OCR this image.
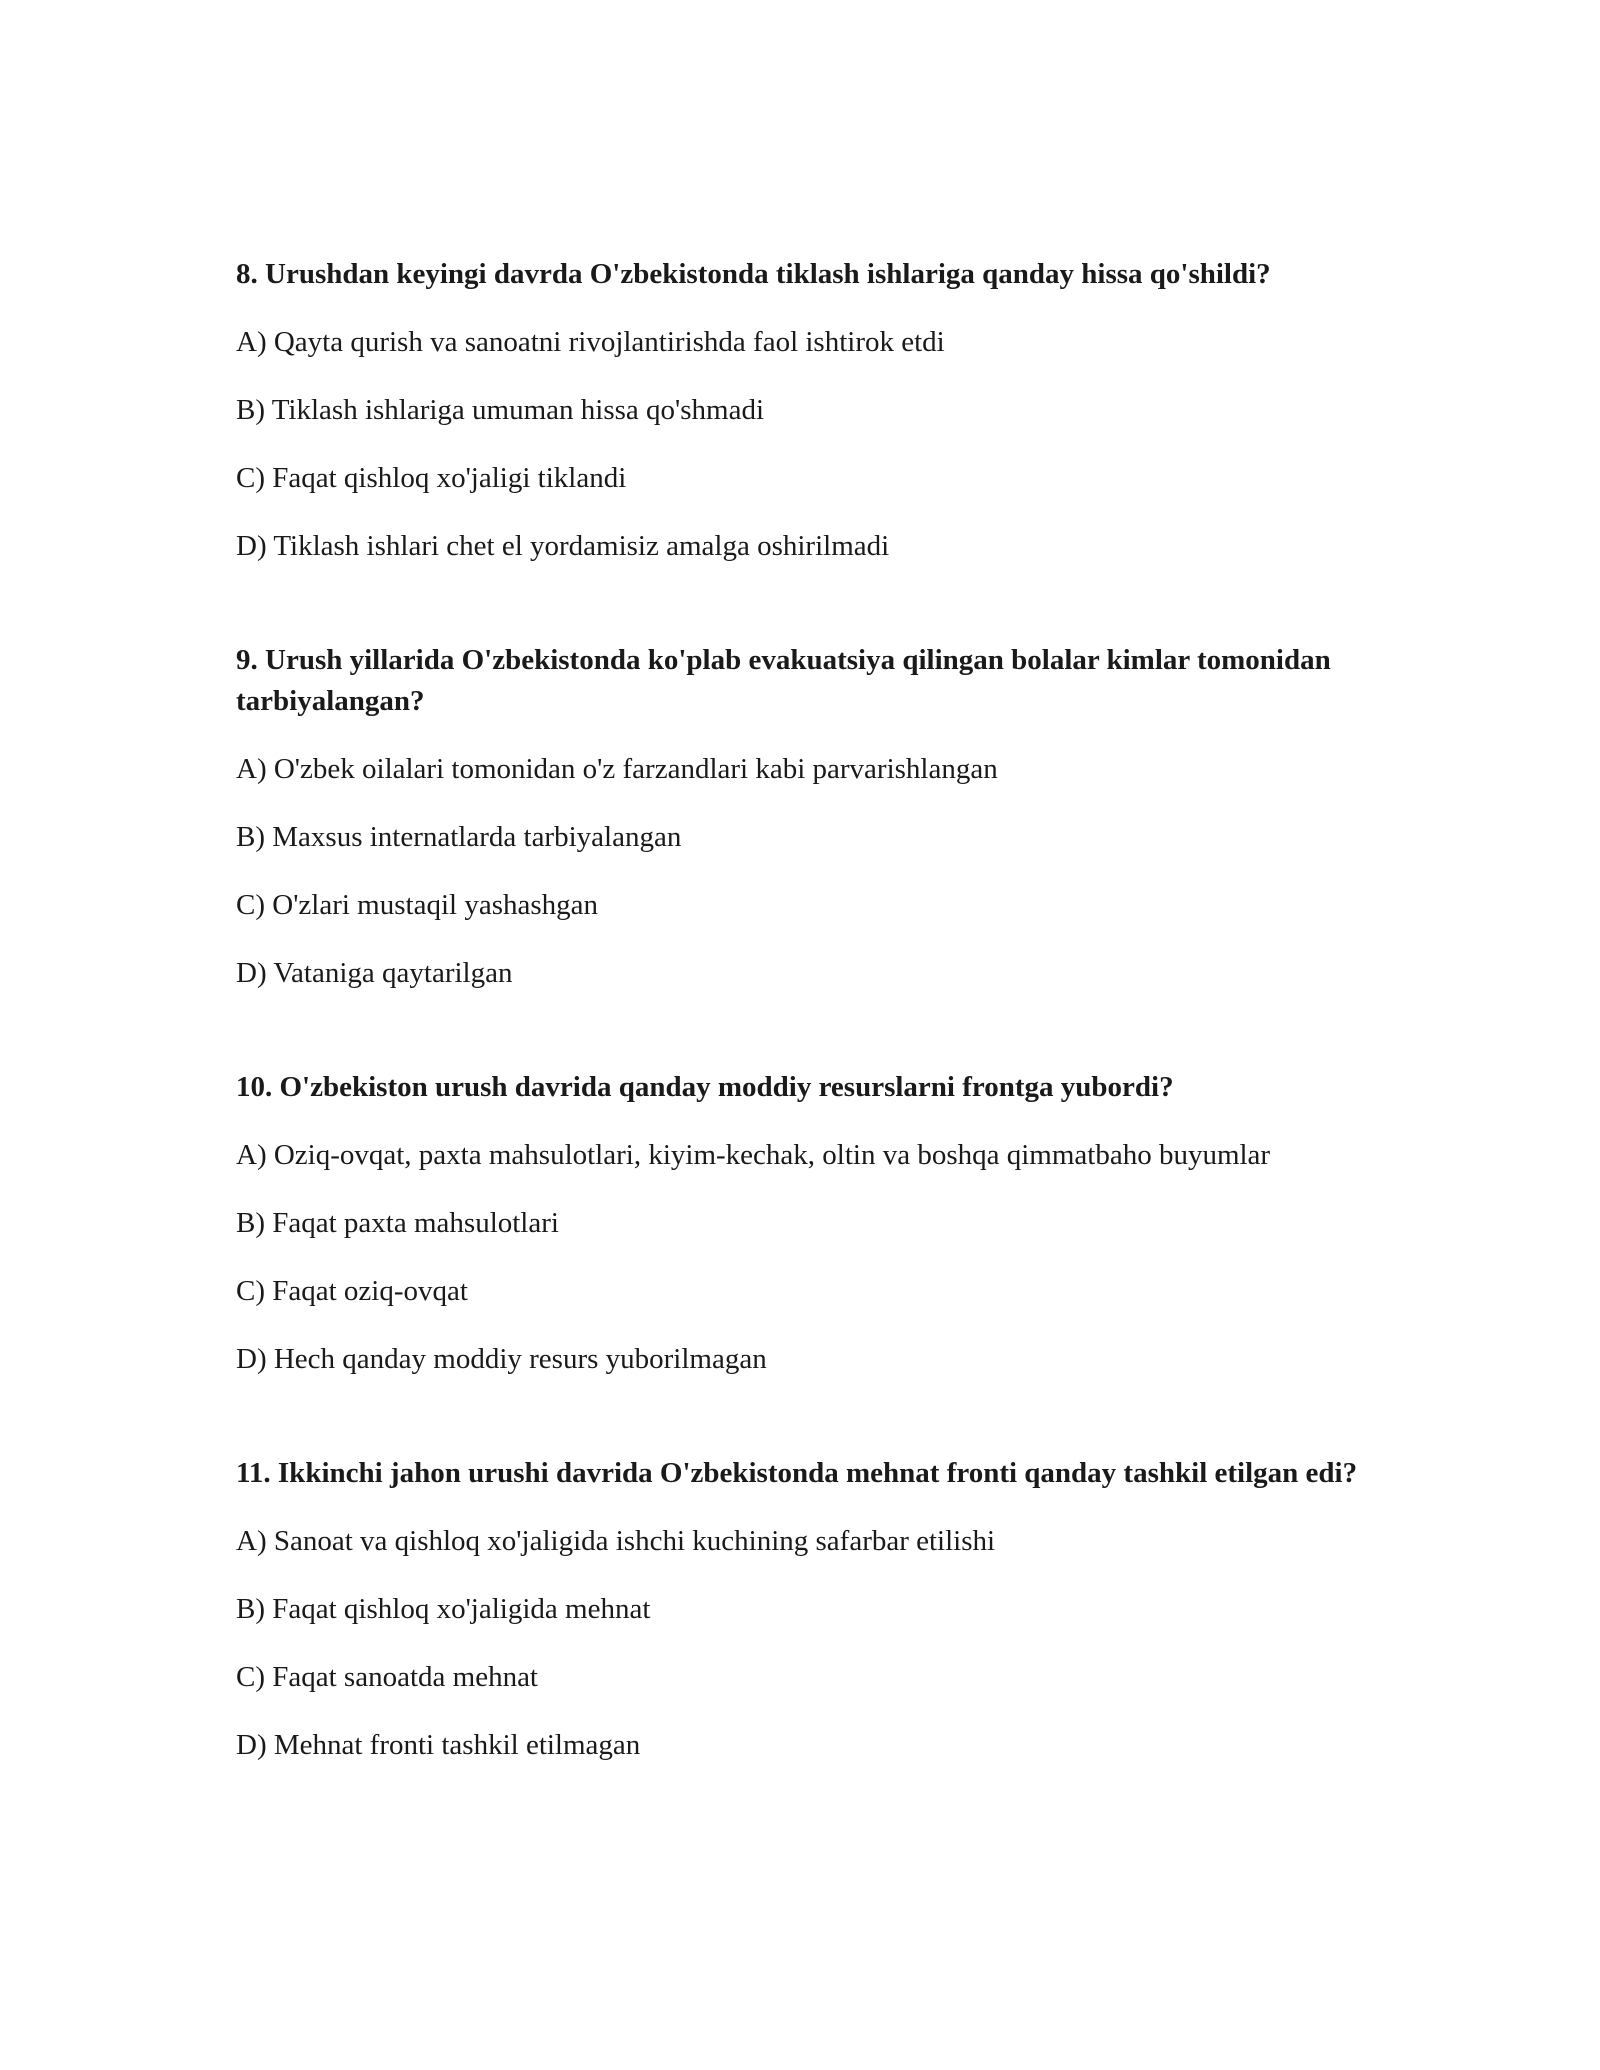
8. Urushdan keyingi davrda O'zbekistonda tiklash ishlariga qanday hissa qo'shildi?
A) Qayta qurish va sanoatni rivojlantirishda faol ishtirok etdi
B) Tiklash ishlariga umuman hissa qo'shmadi
C) Faqat qishloq xo'jaligi tiklandi
D) Tiklash ishlari chet el yordamisiz amalga oshirilmadi
9. Urush yillarida O'zbekistonda ko'plab evakuatsiya qilingan bolalar kimlar tomonidan tarbiyalangan?
A) O'zbek oilalari tomonidan o'z farzandlari kabi parvarishlangan
B) Maxsus internatlarda tarbiyalangan
C) O'zlari mustaqil yashashgan
D) Vataniga qaytarilgan
10. O'zbekiston urush davrida qanday moddiy resurslarni frontga yubordi?
A) Oziq-ovqat, paxta mahsulotlari, kiyim-kechak, oltin va boshqa qimmatbaho buyumlar
B) Faqat paxta mahsulotlari
C) Faqat oziq-ovqat
D) Hech qanday moddiy resurs yuborilmagan
11. Ikkinchi jahon urushi davrida O'zbekistonda mehnat fronti qanday tashkil etilgan edi?
A) Sanoat va qishloq xo'jaligida ishchi kuchining safarbar etilishi
B) Faqat qishloq xo'jaligida mehnat
C) Faqat sanoatda mehnat
D) Mehnat fronti tashkil etilmagan
